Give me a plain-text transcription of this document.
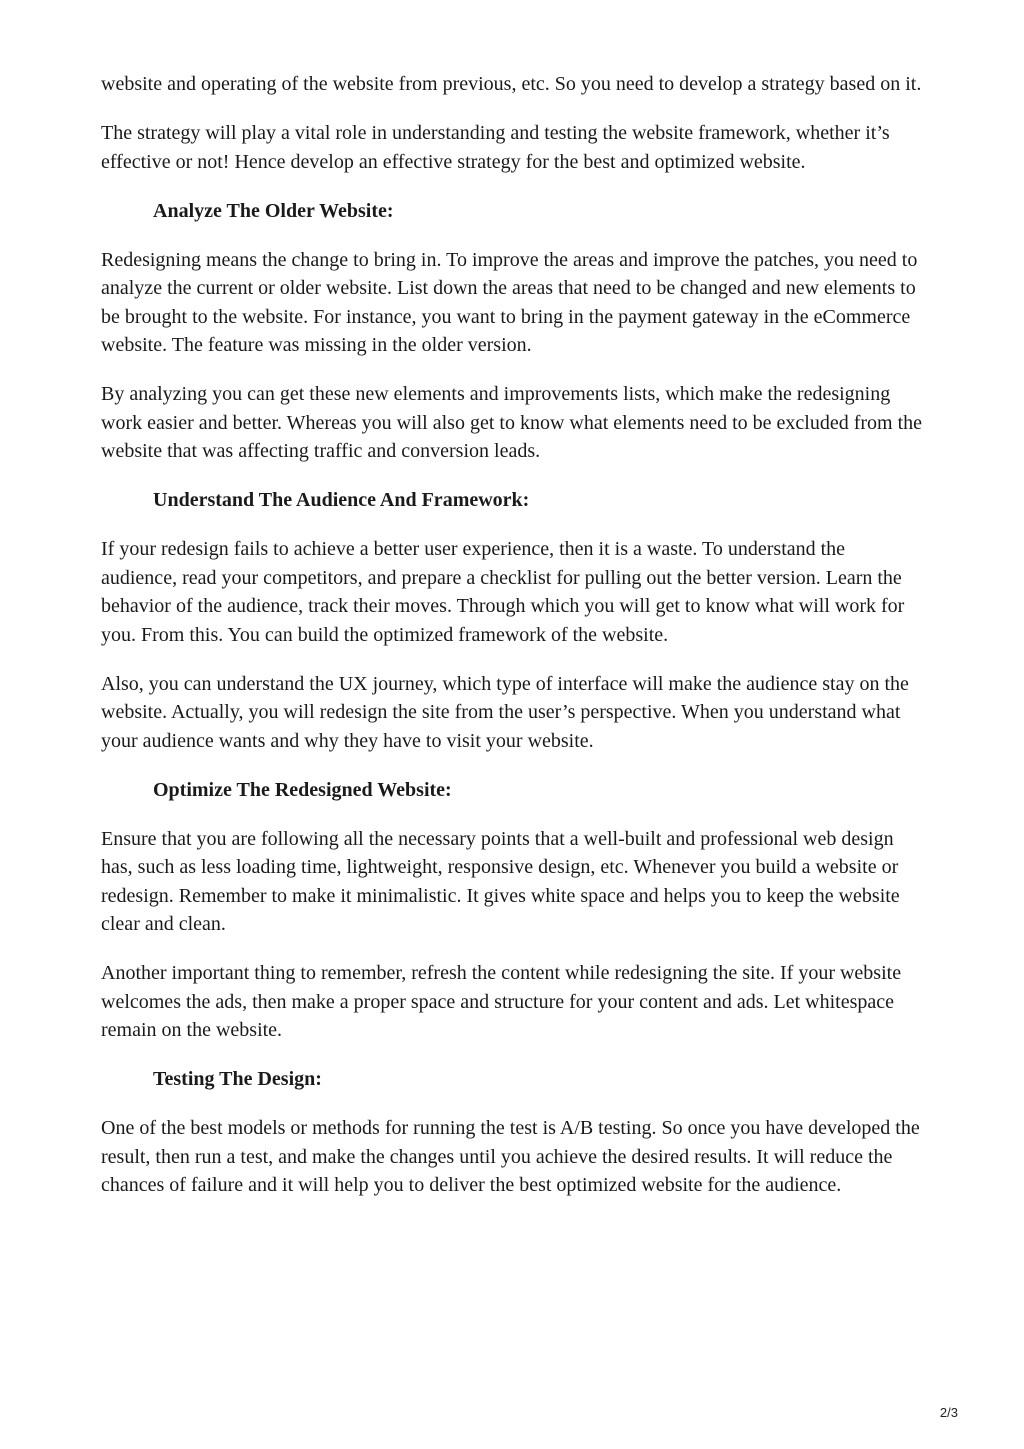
website and operating of the website from previous, etc. So you need to develop a strategy based on it.

The strategy will play a vital role in understanding and testing the website framework, whether it’s effective or not! Hence develop an effective strategy for the best and optimized website.

Analyze The Older Website:

Redesigning means the change to bring in. To improve the areas and improve the patches, you need to analyze the current or older website. List down the areas that need to be changed and new elements to be brought to the website. For instance, you want to bring in the payment gateway in the eCommerce website. The feature was missing in the older version.

By analyzing you can get these new elements and improvements lists, which make the redesigning work easier and better. Whereas you will also get to know what elements need to be excluded from the website that was affecting traffic and conversion leads.

Understand The Audience And Framework:

If your redesign fails to achieve a better user experience, then it is a waste. To understand the audience, read your competitors, and prepare a checklist for pulling out the better version. Learn the behavior of the audience, track their moves. Through which you will get to know what will work for you. From this. You can build the optimized framework of the website.

Also, you can understand the UX journey, which type of interface will make the audience stay on the website. Actually, you will redesign the site from the user’s perspective. When you understand what your audience wants and why they have to visit your website.

Optimize The Redesigned Website:

Ensure that you are following all the necessary points that a well-built and professional web design has, such as less loading time, lightweight, responsive design, etc. Whenever you build a website or redesign. Remember to make it minimalistic. It gives white space and helps you to keep the website clear and clean.

Another important thing to remember, refresh the content while redesigning the site. If your website welcomes the ads, then make a proper space and structure for your content and ads. Let whitespace remain on the website.

Testing The Design:

One of the best models or methods for running the test is A/B testing. So once you have developed the result, then run a test, and make the changes until you achieve the desired results. It will reduce the chances of failure and it will help you to deliver the best optimized website for the audience.

2/3
